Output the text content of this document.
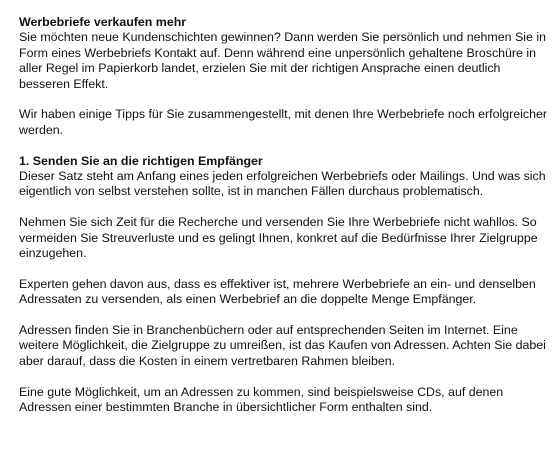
Werbebriefe verkaufen mehr

Sie möchten neue Kundenschichten gewinnen? Dann werden Sie persönlich und nehmen Sie in Form eines Werbebriefs Kontakt auf. Denn während eine unpersönlich gehaltene Broschüre in aller Regel im Papierkorb landet, erzielen Sie mit der richtigen Ansprache einen deutlich besseren Effekt.

Wir haben einige Tipps für Sie zusammengestellt, mit denen Ihre Werbebriefe noch erfolgreicher werden.

1. Senden Sie an die richtigen Empfänger

Dieser Satz steht am Anfang eines jeden erfolgreichen Werbebriefs oder Mailings. Und was sich eigentlich von selbst verstehen sollte, ist in manchen Fällen durchaus problematisch.

Nehmen Sie sich Zeit für die Recherche und versenden Sie Ihre Werbebriefe nicht wahllos. So vermeiden Sie Streuverluste und es gelingt Ihnen, konkret auf die Bedürfnisse Ihrer Zielgruppe einzugehen.

Experten gehen davon aus, dass es effektiver ist, mehrere Werbebriefe an ein- und denselben Adressaten zu versenden, als einen Werbebrief an die doppelte Menge Empfänger.

Adressen finden Sie in Branchenbüchern oder auf entsprechenden Seiten im Internet. Eine weitere Möglichkeit, die Zielgruppe zu umreißen, ist das Kaufen von Adressen. Achten Sie dabei aber darauf, dass die Kosten in einem vertretbaren Rahmen bleiben.

Eine gute Möglichkeit, um an Adressen zu kommen, sind beispielsweise CDs, auf denen Adressen einer bestimmten Branche in übersichtlicher Form enthalten sind.
